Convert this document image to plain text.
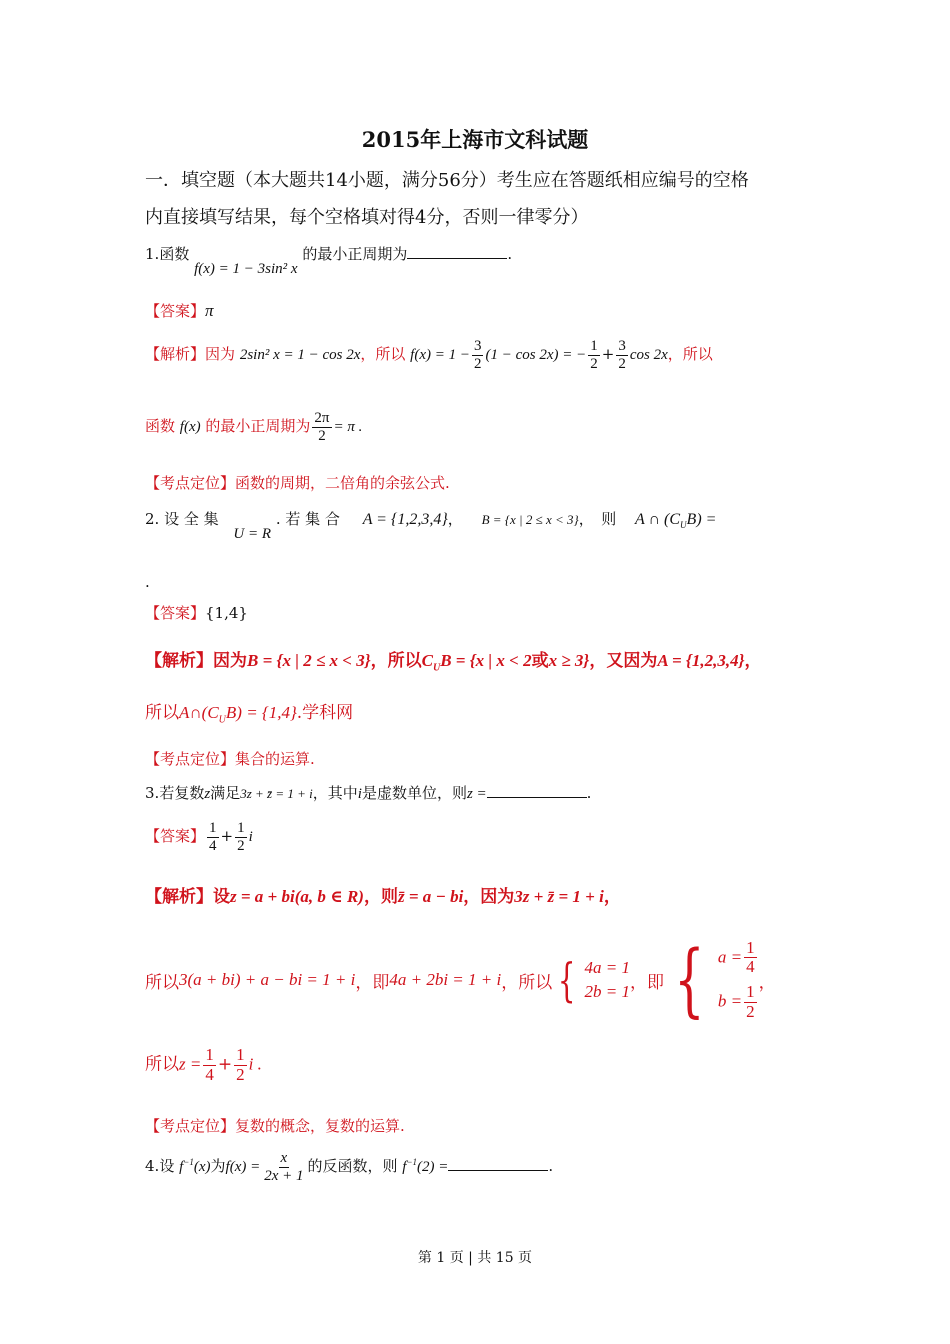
2015年上海市文科试题
一．填空题（本大题共14小题，满分56分）考生应在答题纸相应编号的空格
内直接填写结果，每个空格填对得4分，否则一律零分）
1.函数 f(x) = 1 − 3sin² x 的最小正周期为	.
【答案】π
【解析】因为 2sin² x = 1 − cos 2x，所以 $f(x) = 1 - \frac{3}{2} (1 - \cos 2x)$ = − $\frac{1}{2} + \frac{3}{2}$ cos 2x，所以
函数 f(x) 的最小正周期为 $\frac{2\pi}{2} = \pi$ .
【考点定位】函数的周期，二倍角的余弦公式.
2. 设 全 集 U = R . 若 集 合 A = {1,2,3,4}， B = {x | 2 ≤ x < 3}，　则 A ∩ $(C_UB)$ =
.
【答案】{1,4}
【解析】因为B = {x | 2 ≤ x < 3}，所以$C_UB = \{x$ | x < 2或x ≥ 3}，又因为A = {1,2,3,4}，
所以$A\cap(C_UB) = \{1,4\}$.学科网
【考点定位】集合的运算.
3.若复数z满足3z + z̄ = 1 + i，其中i是虚数单位，则z =	.
【答案】 $\frac{1}{4} + \frac{1}{2}$ i
【解析】设z = a + bi(a, b ∈ R)，则z̄ = a − bi，因为3z + z̄ = 1 + i，
所以 3(a + bi) + a − bi = 1 + i ，即 4a + 2bi = 1 + i ，所以 { 4a = 1
2b = 1 ，即 { $a = \frac{1}{4}$
$b = \frac{1}{2}$
，
所以$z = \frac{1}{4} + \frac{1}{2}$ i .
【考点定位】复数的概念，复数的运算.
4.设 $f^{-1}(x)$为$f(x) = \frac{x}{2x + 1}$ 的反函数，则 $f^{-1}(2)$ =	.
第 1 页 | 共 15 页
